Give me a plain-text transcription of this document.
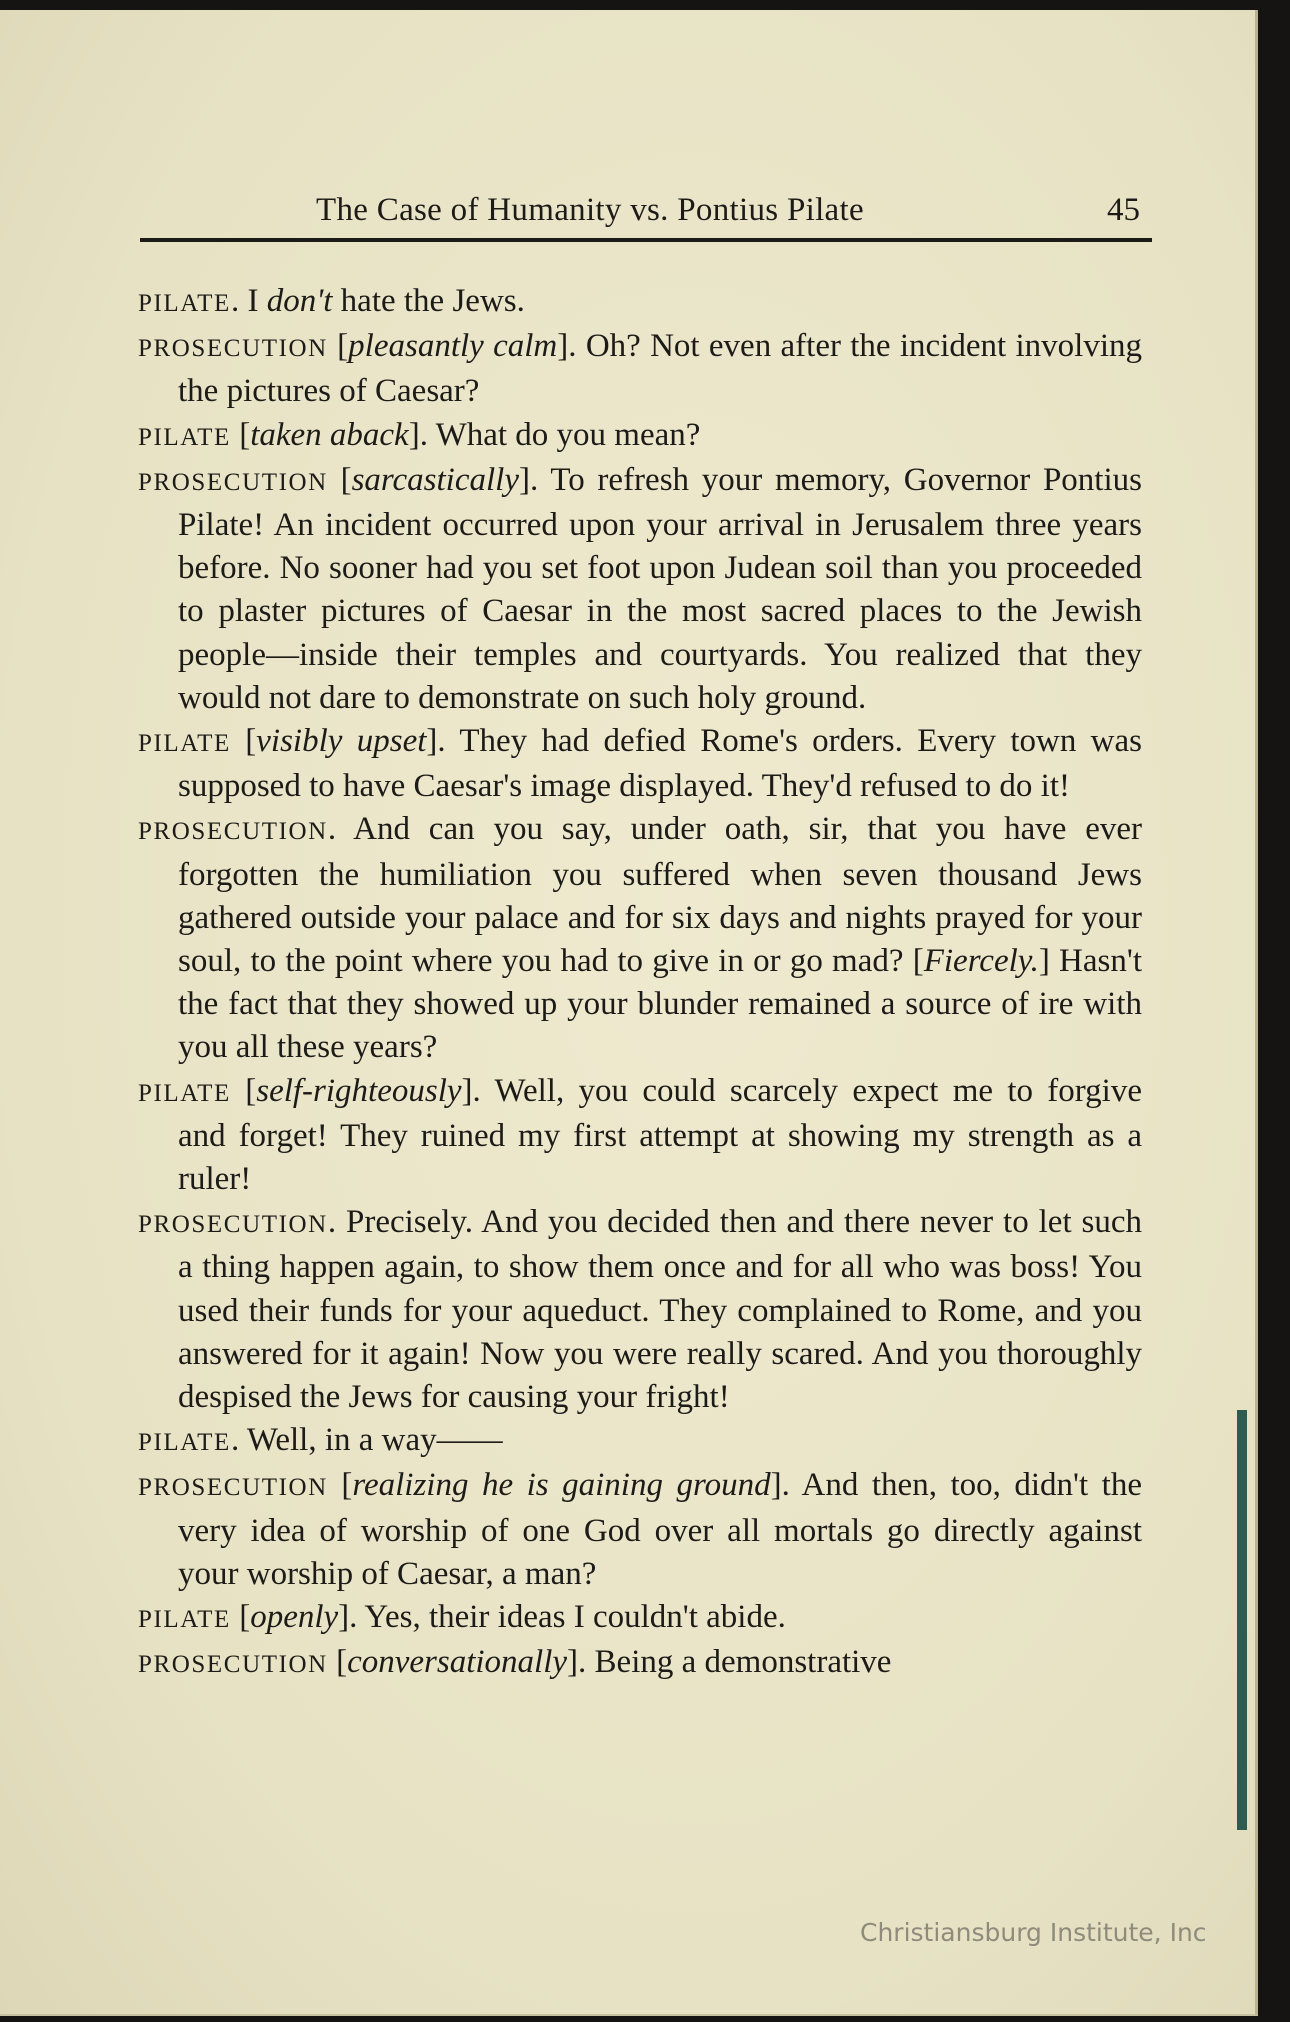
The Case of Humanity vs. Pontius Pilate	45

PILATE. I don't hate the Jews.

PROSECUTION [pleasantly calm]. Oh? Not even after the incident involving the pictures of Caesar?

PILATE [taken aback]. What do you mean?

PROSECUTION [sarcastically]. To refresh your memory, Governor Pontius Pilate! An incident occurred upon your arrival in Jerusalem three years before. No sooner had you set foot upon Judean soil than you proceeded to plaster pictures of Caesar in the most sacred places to the Jewish people—inside their temples and courtyards. You realized that they would not dare to demonstrate on such holy ground.

PILATE [visibly upset]. They had defied Rome's orders. Every town was supposed to have Caesar's image displayed. They'd refused to do it!

PROSECUTION. And can you say, under oath, sir, that you have ever forgotten the humiliation you suffered when seven thousand Jews gathered outside your palace and for six days and nights prayed for your soul, to the point where you had to give in or go mad? [Fiercely.] Hasn't the fact that they showed up your blunder remained a source of ire with you all these years?

PILATE [self-righteously]. Well, you could scarcely expect me to forgive and forget! They ruined my first attempt at showing my strength as a ruler!

PROSECUTION. Precisely. And you decided then and there never to let such a thing happen again, to show them once and for all who was boss! You used their funds for your aqueduct. They complained to Rome, and you answered for it again! Now you were really scared. And you thoroughly despised the Jews for causing your fright!

PILATE. Well, in a way——

PROSECUTION [realizing he is gaining ground]. And then, too, didn't the very idea of worship of one God over all mortals go directly against your worship of Caesar, a man?

PILATE [openly]. Yes, their ideas I couldn't abide.

PROSECUTION [conversationally]. Being a demonstrative

Christiansburg Institute, Inc
